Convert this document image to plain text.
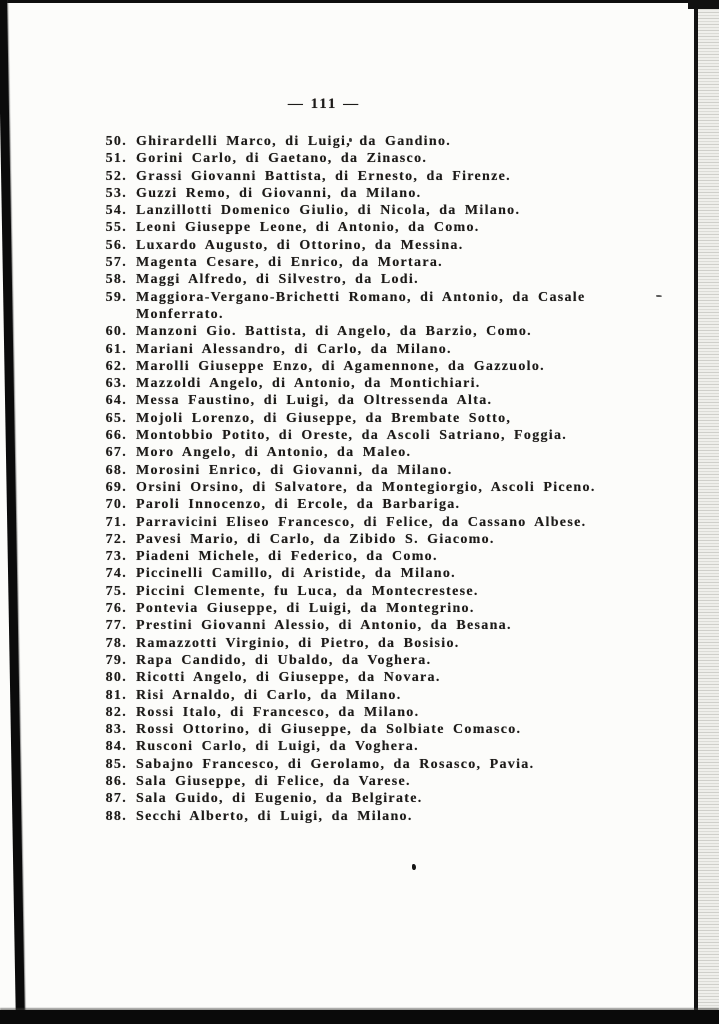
— 111 —
50. Ghirardelli Marco, di Luigi, da Gandino.
51. Gorini Carlo, di Gaetano, da Zinasco.
52. Grassi Giovanni Battista, di Ernesto, da Firenze.
53. Guzzi Remo, di Giovanni, da Milano.
54. Lanzillotti Domenico Giulio, di Nicola, da Milano.
55. Leoni Giuseppe Leone, di Antonio, da Como.
56. Luxardo Augusto, di Ottorino, da Messina.
57. Magenta Cesare, di Enrico, da Mortara.
58. Maggi Alfredo, di Silvestro, da Lodi.
59. Maggiora-Vergano-Brichetti Romano, di Antonio, da Casale
Monferrato.
60. Manzoni Gio. Battista, di Angelo, da Barzio, Como.
61. Mariani Alessandro, di Carlo, da Milano.
62. Marolli Giuseppe Enzo, di Agamennone, da Gazzuolo.
63. Mazzoldi Angelo, di Antonio, da Montichiari.
64. Messa Faustino, di Luigi, da Oltressenda Alta.
65. Mojoli Lorenzo, di Giuseppe, da Brembate Sotto,
66. Montobbio Potito, di Oreste, da Ascoli Satriano, Foggia.
67. Moro Angelo, di Antonio, da Maleo.
68. Morosini Enrico, di Giovanni, da Milano.
69. Orsini Orsino, di Salvatore, da Montegiorgio, Ascoli Piceno.
70. Paroli Innocenzo, di Ercole, da Barbariga.
71. Parravicini Eliseo Francesco, di Felice, da Cassano Albese.
72. Pavesi Mario, di Carlo, da Zibido S. Giacomo.
73. Piadeni Michele, di Federico, da Como.
74. Piccinelli Camillo, di Aristide, da Milano.
75. Piccini Clemente, fu Luca, da Montecrestese.
76. Pontevia Giuseppe, di Luigi, da Montegrino.
77. Prestini Giovanni Alessio, di Antonio, da Besana.
78. Ramazzotti Virginio, di Pietro, da Bosisio.
79. Rapa Candido, di Ubaldo, da Voghera.
80. Ricotti Angelo, di Giuseppe, da Novara.
81. Risi Arnaldo, di Carlo, da Milano.
82. Rossi Italo, di Francesco, da Milano.
83. Rossi Ottorino, di Giuseppe, da Solbiate Comasco.
84. Rusconi Carlo, di Luigi, da Voghera.
85. Sabajno Francesco, di Gerolamo, da Rosasco, Pavia.
86. Sala Giuseppe, di Felice, da Varese.
87. Sala Guido, di Eugenio, da Belgirate.
88. Secchi Alberto, di Luigi, da Milano.
